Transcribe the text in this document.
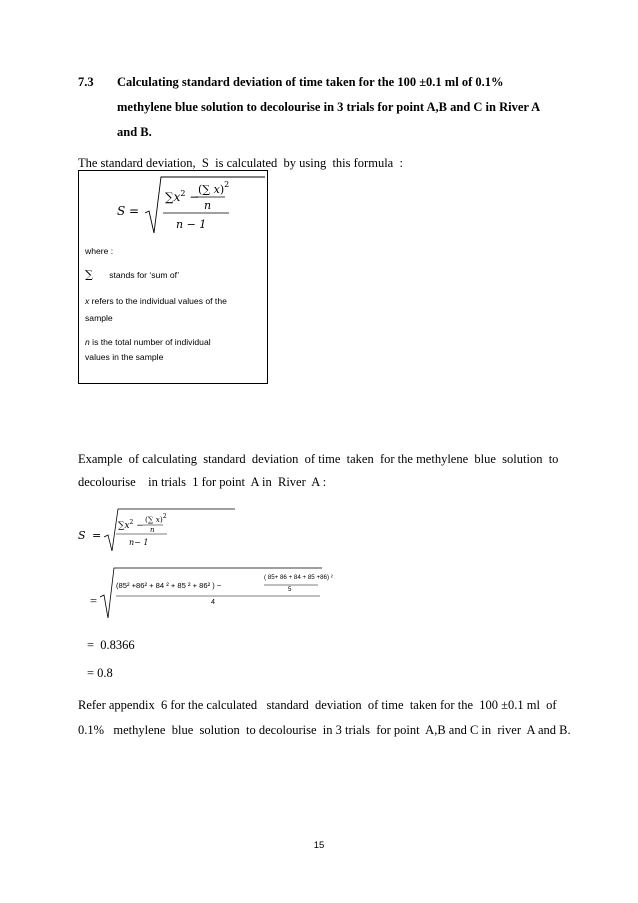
7.3 Calculating standard deviation of time taken for the 100 ±0.1 ml of 0.1%
methylene blue solution to decolourise in 3 trials for point A,B and C in River A
and B.
The standard deviation,  S  is calculated  by using  this formula  :
S =
$\sum x^2$ −
(∑ x)$^2$
n
n − 1
where :
∑ stands for ‘sum of’
x refers to the individual values of the
sample
n is the total number of individual
values in the sample
Example  of calculating  standard  deviation  of time  taken  for the methylene  blue  solution  to
decolourise    in trials  1 for point  A in  River  A :
S =
$\sum x^2$ −
(∑ x)$^2$
n
n− 1
=
(85² +86² + 84 ² + 85 ² + 86² ) −
( 85+ 86 + 84 + 85 +86) ²
5
4
=  0.8366
= 0.8
Refer appendix  6 for the calculated   standard  deviation  of time  taken for the  100 ±0.1 ml  of
0.1%   methylene  blue  solution  to decolourise  in 3 trials  for point  A,B and C in  river  A and B.
15
